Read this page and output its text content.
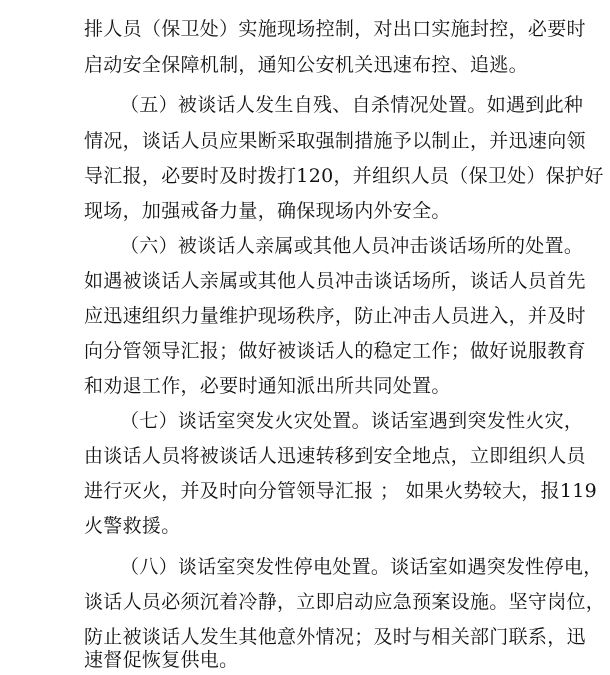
排人员（保卫处）实施现场控制，对出口实施封控，必要时
启动安全保障机制，通知公安机关迅速布控、追逃。
（五）被谈话人发生自残、自杀情况处置。如遇到此种
情况，谈话人员应果断采取强制措施予以制止，并迅速向领
导汇报，必要时及时拨打120，并组织人员（保卫处）保护好
现场，加强戒备力量，确保现场内外安全。
（六）被谈话人亲属或其他人员冲击谈话场所的处置。
如遇被谈话人亲属或其他人员冲击谈话场所，谈话人员首先
应迅速组织力量维护现场秩序，防止冲击人员进入，并及时
向分管领导汇报；做好被谈话人的稳定工作；做好说服教育
和劝退工作，必要时通知派出所共同处置。
（七）谈话室突发火灾处置。谈话室遇到突发性火灾，
由谈话人员将被谈话人迅速转移到安全地点，立即组织人员
进行灭火，并及时向分管领导汇报 ； 如果火势较大，报119
火警救援。
（八）谈话室突发性停电处置。谈话室如遇突发性停电，
谈话人员必须沉着冷静，立即启动应急预案设施。坚守岗位，
防止被谈话人发生其他意外情况；及时与相关部门联系，迅
速督促恢复供电。
